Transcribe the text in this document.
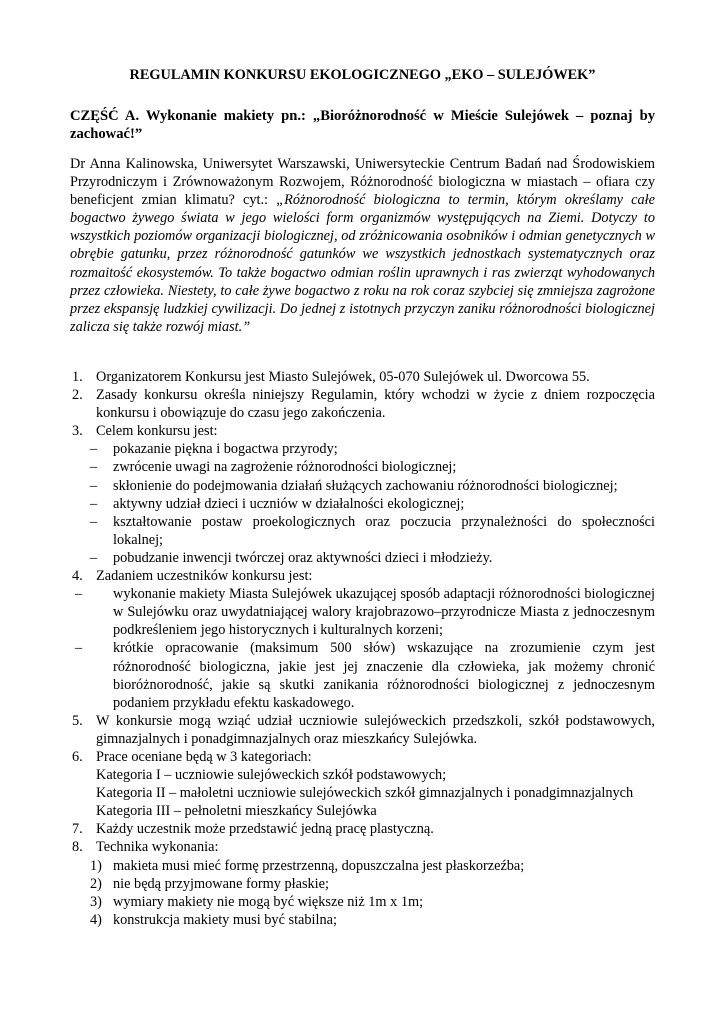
REGULAMIN KONKURSU EKOLOGICZNEGO „EKO – SULEJÓWEK”
CZĘŚĆ A. Wykonanie makiety pn.: „Bioróżnorodność w Mieście Sulejówek – poznaj by zachować!”
Dr Anna Kalinowska, Uniwersytet Warszawski, Uniwersyteckie Centrum Badań nad Środowiskiem Przyrodniczym i Zrównoważonym Rozwojem, Różnorodność biologiczna w miastach – ofiara czy beneficjent zmian klimatu? cyt.: „Różnorodność biologiczna to termin, którym określamy całe bogactwo żywego świata w jego wielości form organizmów występujących na Ziemi. Dotyczy to wszystkich poziomów organizacji biologicznej, od zróżnicowania osobników i odmian genetycznych w obrębie gatunku, przez różnorodność gatunków we wszystkich jednostkach systematycznych oraz rozmaitość ekosystemów. To także bogactwo odmian roślin uprawnych i ras zwierząt wyhodowanych przez człowieka. Niestety, to całe żywe bogactwo z roku na rok coraz szybciej się zmniejsza zagrożone przez ekspansję ludzkiej cywilizacji. Do jednej z istotnych przyczyn zaniku różnorodności biologicznej zalicza się także rozwój miast.”
1. Organizatorem Konkursu jest Miasto Sulejówek, 05-070 Sulejówek ul. Dworcowa 55.
2. Zasady konkursu określa niniejszy Regulamin, który wchodzi w życie z dniem rozpoczęcia konkursu i obowiązuje do czasu jego zakończenia.
3. Celem konkursu jest:
– pokazanie piękna i bogactwa przyrody;
– zwrócenie uwagi na zagrożenie różnorodności biologicznej;
– skłonienie do podejmowania działań służących zachowaniu różnorodności biologicznej;
– aktywny udział dzieci i uczniów w działalności ekologicznej;
– kształtowanie postaw proekologicznych oraz poczucia przynależności do społeczności lokalnej;
– pobudzanie inwencji twórczej oraz aktywności dzieci i młodzieży.
4. Zadaniem uczestników konkursu jest:
– wykonanie makiety Miasta Sulejówek ukazującej sposób adaptacji różnorodności biologicznej w Sulejówku oraz uwydatniającej walory krajobrazowo–przyrodnicze Miasta z jednoczesnym podkreśleniem jego historycznych i kulturalnych korzeni;
– krótkie opracowanie (maksimum 500 słów) wskazujące na zrozumienie czym jest różnorodność biologiczna, jakie jest jej znaczenie dla człowieka, jak możemy chronić bioróżnorodność, jakie są skutki zanikania różnorodności biologicznej z jednoczesnym podaniem przykładu efektu kaskadowego.
5. W konkursie mogą wziąć udział uczniowie sulejóweckich przedszkoli, szkół podstawowych, gimnazjalnych i ponadgimnazjalnych oraz mieszkańcy Sulejówka.
6. Prace oceniane będą w 3 kategoriach:
Kategoria I – uczniowie sulejóweckich szkół podstawowych;
Kategoria II – małoletni uczniowie sulejóweckich szkół gimnazjalnych i ponadgimnazjalnych
Kategoria III – pełnoletni mieszkańcy Sulejówka
7. Każdy uczestnik może przedstawić jedną pracę plastyczną.
8. Technika wykonania:
1) makieta musi mieć formę przestrzenną, dopuszczalna jest płaskorzeźba;
2) nie będą przyjmowane formy płaskie;
3) wymiary makiety nie mogą być większe niż 1m x 1m;
4) konstrukcja makiety musi być stabilna;
